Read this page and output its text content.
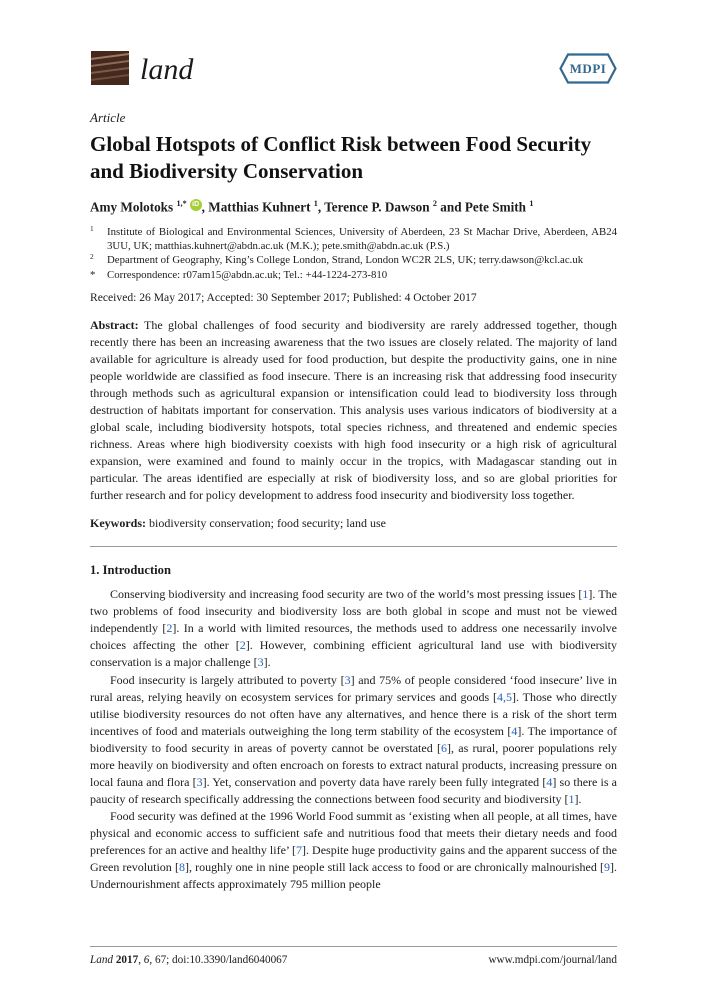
land	MDPI
Article
Global Hotspots of Conflict Risk between Food Security and Biodiversity Conservation
Amy Molotoks $^{1,*}$ iD , Matthias Kuhnert $^1$, Terence P. Dawson $^2$ and Pete Smith $^1$
1	Institute of Biological and Environmental Sciences, University of Aberdeen, 23 St Machar Drive, Aberdeen, AB24 3UU, UK; matthias.kuhnert@abdn.ac.uk (M.K.); pete.smith@abdn.ac.uk (P.S.)
2	Department of Geography, King’s College London, Strand, London WC2R 2LS, UK; terry.dawson@kcl.ac.uk
*	Correspondence: r07am15@abdn.ac.uk; Tel.: +44-1224-273-810
Received: 26 May 2017; Accepted: 30 September 2017; Published: 4 October 2017

Abstract: The global challenges of food security and biodiversity are rarely addressed together, though recently there has been an increasing awareness that the two issues are closely related. The majority of land available for agriculture is already used for food production, but despite the productivity gains, one in nine people worldwide are classified as food insecure. There is an increasing risk that addressing food insecurity through methods such as agricultural expansion or intensification could lead to biodiversity loss through destruction of habitats important for conservation. This analysis uses various indicators of biodiversity at a global scale, including biodiversity hotspots, total species richness, and threatened and endemic species richness. Areas where high biodiversity coexists with high food insecurity or a high risk of agricultural expansion, were examined and found to mainly occur in the tropics, with Madagascar standing out in particular. The areas identified are especially at risk of biodiversity loss, and so are global priorities for further research and for policy development to address food insecurity and biodiversity loss together.

Keywords: biodiversity conservation; food security; land use

1. Introduction

Conserving biodiversity and increasing food security are two of the world’s most pressing issues [1]. The two problems of food insecurity and biodiversity loss are both global in scope and must not be viewed independently [2]. In a world with limited resources, the methods used to address one necessarily involve choices affecting the other [2]. However, combining efficient agricultural land use with biodiversity conservation is a major challenge [3].

Food insecurity is largely attributed to poverty [3] and 75% of people considered ‘food insecure’ live in rural areas, relying heavily on ecosystem services for primary services and goods [4,5]. Those who directly utilise biodiversity resources do not often have any alternatives, and hence there is a risk of the short term incentives of food and materials outweighing the long term stability of the ecosystem [4]. The importance of biodiversity to food security in areas of poverty cannot be overstated [6], as rural, poorer populations rely more heavily on biodiversity and often encroach on forests to extract natural products, increasing pressure on local fauna and flora [3]. Yet, conservation and poverty data have rarely been fully integrated [4] so there is a paucity of research specifically addressing the connections between food security and biodiversity [1].

Food security was defined at the 1996 World Food summit as ‘existing when all people, at all times, have physical and economic access to sufficient safe and nutritious food that meets their dietary needs and food preferences for an active and healthy life’ [7]. Despite huge productivity gains and the apparent success of the Green revolution [8], roughly one in nine people still lack access to food or are chronically malnourished [9]. Undernourishment affects approximately 795 million people

Land 2017, 6, 67; doi:10.3390/land6040067	www.mdpi.com/journal/land
